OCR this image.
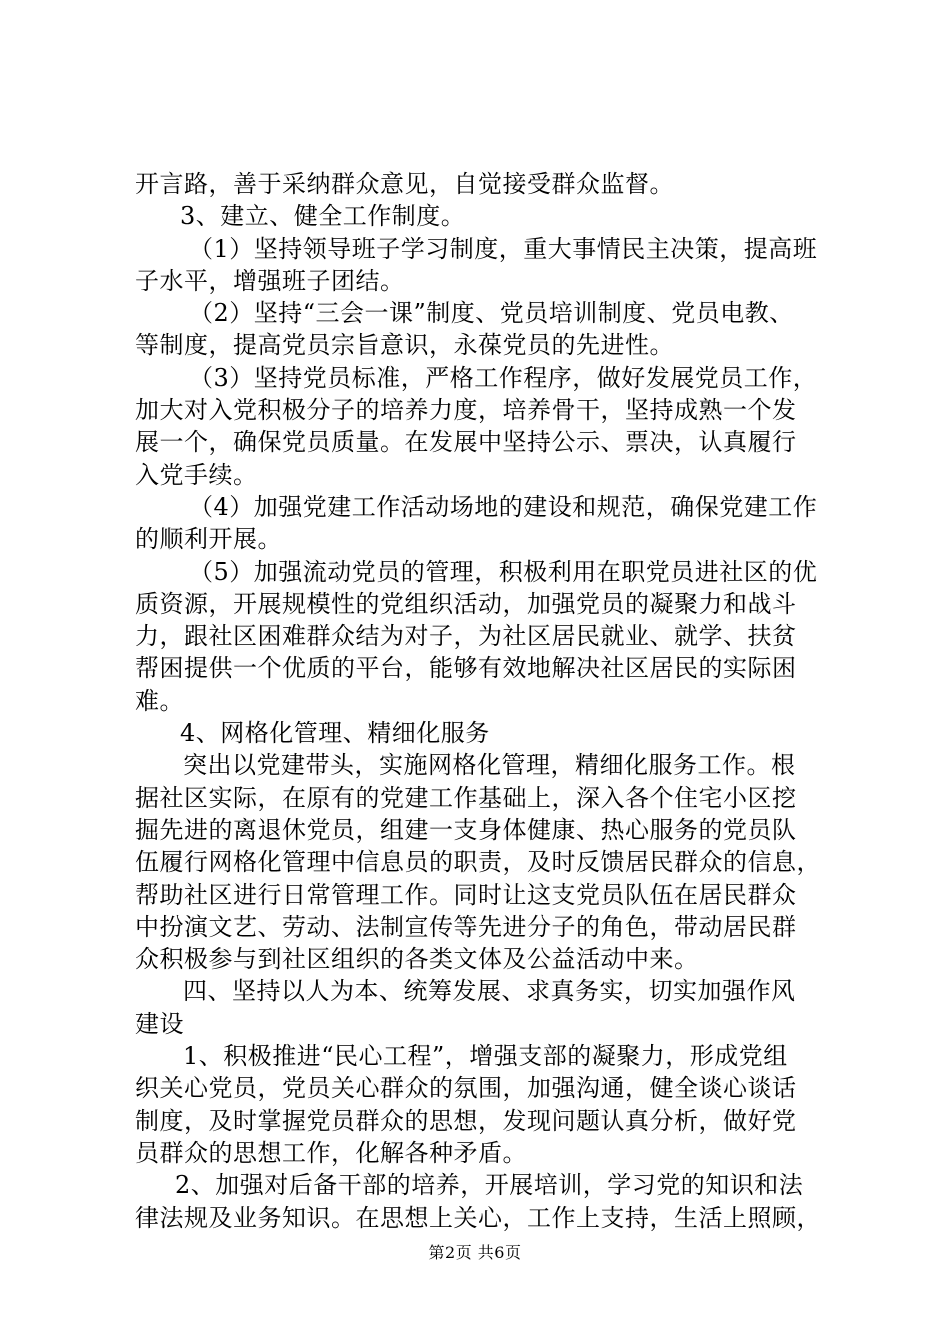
开言路，善于采纳群众意见，自觉接受群众监督。
3、建立、健全工作制度。
（1）坚持领导班子学习制度，重大事情民主决策，提高班
子水平，增强班子团结。
（2）坚持“三会一课”制度、党员培训制度、党员电教、
等制度，提高党员宗旨意识，永葆党员的先进性。
（3）坚持党员标准，严格工作程序，做好发展党员工作，
加大对入党积极分子的培养力度，培养骨干，坚持成熟一个发
展一个，确保党员质量。在发展中坚持公示、票决，认真履行
入党手续。
（4）加强党建工作活动场地的建设和规范，确保党建工作
的顺利开展。
（5）加强流动党员的管理，积极利用在职党员进社区的优
质资源，开展规模性的党组织活动，加强党员的凝聚力和战斗
力，跟社区困难群众结为对子，为社区居民就业、就学、扶贫
帮困提供一个优质的平台，能够有效地解决社区居民的实际困
难。
4、网格化管理、精细化服务
突出以党建带头，实施网格化管理，精细化服务工作。根
据社区实际，在原有的党建工作基础上，深入各个住宅小区挖
掘先进的离退休党员，组建一支身体健康、热心服务的党员队
伍履行网格化管理中信息员的职责，及时反馈居民群众的信息，
帮助社区进行日常管理工作。同时让这支党员队伍在居民群众
中扮演文艺、劳动、法制宣传等先进分子的角色，带动居民群
众积极参与到社区组织的各类文体及公益活动中来。
四、坚持以人为本、统筹发展、求真务实，切实加强作风
建设
1、积极推进“民心工程”，增强支部的凝聚力，形成党组
织关心党员，党员关心群众的氛围，加强沟通，健全谈心谈话
制度，及时掌握党员群众的思想，发现问题认真分析，做好党
员群众的思想工作，化解各种矛盾。
2、加强对后备干部的培养，开展培训，学习党的知识和法
律法规及业务知识。在思想上关心，工作上支持，生活上照顾，
第2页 共6页
